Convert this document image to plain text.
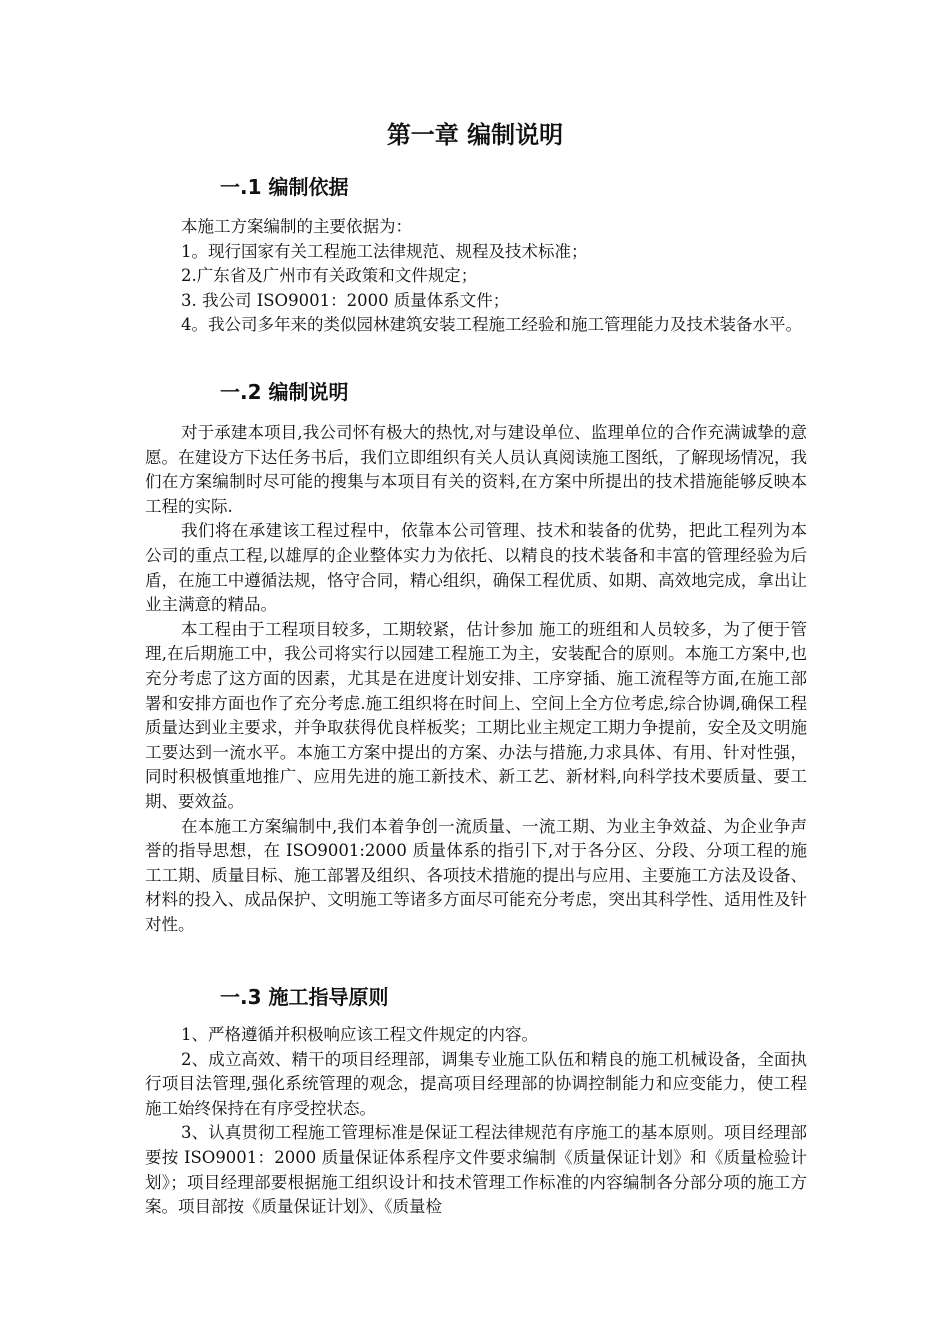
第一章 编制说明
一.1 编制依据

本施工方案编制的主要依据为：

1。现行国家有关工程施工法律规范、规程及技术标准；

2.广东省及广州市有关政策和文件规定；

3. 我公司 ISO9001：2000 质量体系文件；

4。我公司多年来的类似园林建筑安装工程施工经验和施工管理能力及技术装备水平。

一.2 编制说明

对于承建本项目,我公司怀有极大的热忱,对与建设单位、监理单位的合作充满诚挚的意愿。在建设方下达任务书后，我们立即组织有关人员认真阅读施工图纸，了解现场情况，我们在方案编制时尽可能的搜集与本项目有关的资料,在方案中所提出的技术措施能够反映本工程的实际.

我们将在承建该工程过程中，依靠本公司管理、技术和装备的优势，把此工程列为本公司的重点工程,以雄厚的企业整体实力为依托、以精良的技术装备和丰富的管理经验为后盾，在施工中遵循法规，恪守合同，精心组织，确保工程优质、如期、高效地完成，拿出让业主满意的精品。

本工程由于工程项目较多，工期较紧，估计参加 施工的班组和人员较多，为了便于管理,在后期施工中，我公司将实行以园建工程施工为主，安装配合的原则。本施工方案中,也充分考虑了这方面的因素，尤其是在进度计划安排、工序穿插、施工流程等方面,在施工部署和安排方面也作了充分考虑.施工组织将在时间上、空间上全方位考虑,综合协调,确保工程质量达到业主要求，并争取获得优良样板奖；工期比业主规定工期力争提前，安全及文明施工要达到一流水平。本施工方案中提出的方案、办法与措施,力求具体、有用、针对性强，同时积极慎重地推广、应用先进的施工新技术、新工艺、新材料,向科学技术要质量、要工期、要效益。

在本施工方案编制中,我们本着争创一流质量、一流工期、为业主争效益、为企业争声誉的指导思想，在 ISO9001:2000 质量体系的指引下,对于各分区、分段、分项工程的施工工期、质量目标、施工部署及组织、各项技术措施的提出与应用、主要施工方法及设备、材料的投入、成品保护、文明施工等诸多方面尽可能充分考虑，突出其科学性、适用性及针对性。

一.3 施工指导原则

1、严格遵循并积极响应该工程文件规定的内容。

2、成立高效、精干的项目经理部，调集专业施工队伍和精良的施工机械设备，全面执行项目法管理,强化系统管理的观念，提高项目经理部的协调控制能力和应变能力，使工程施工始终保持在有序受控状态。

3、认真贯彻工程施工管理标准是保证工程法律规范有序施工的基本原则。项目经理部要按 ISO9001：2000 质量保证体系程序文件要求编制《质量保证计划》和《质量检验计划》；项目经理部要根据施工组织设计和技术管理工作标准的内容编制各分部分项的施工方案。项目部按《质量保证计划》、《质量检
